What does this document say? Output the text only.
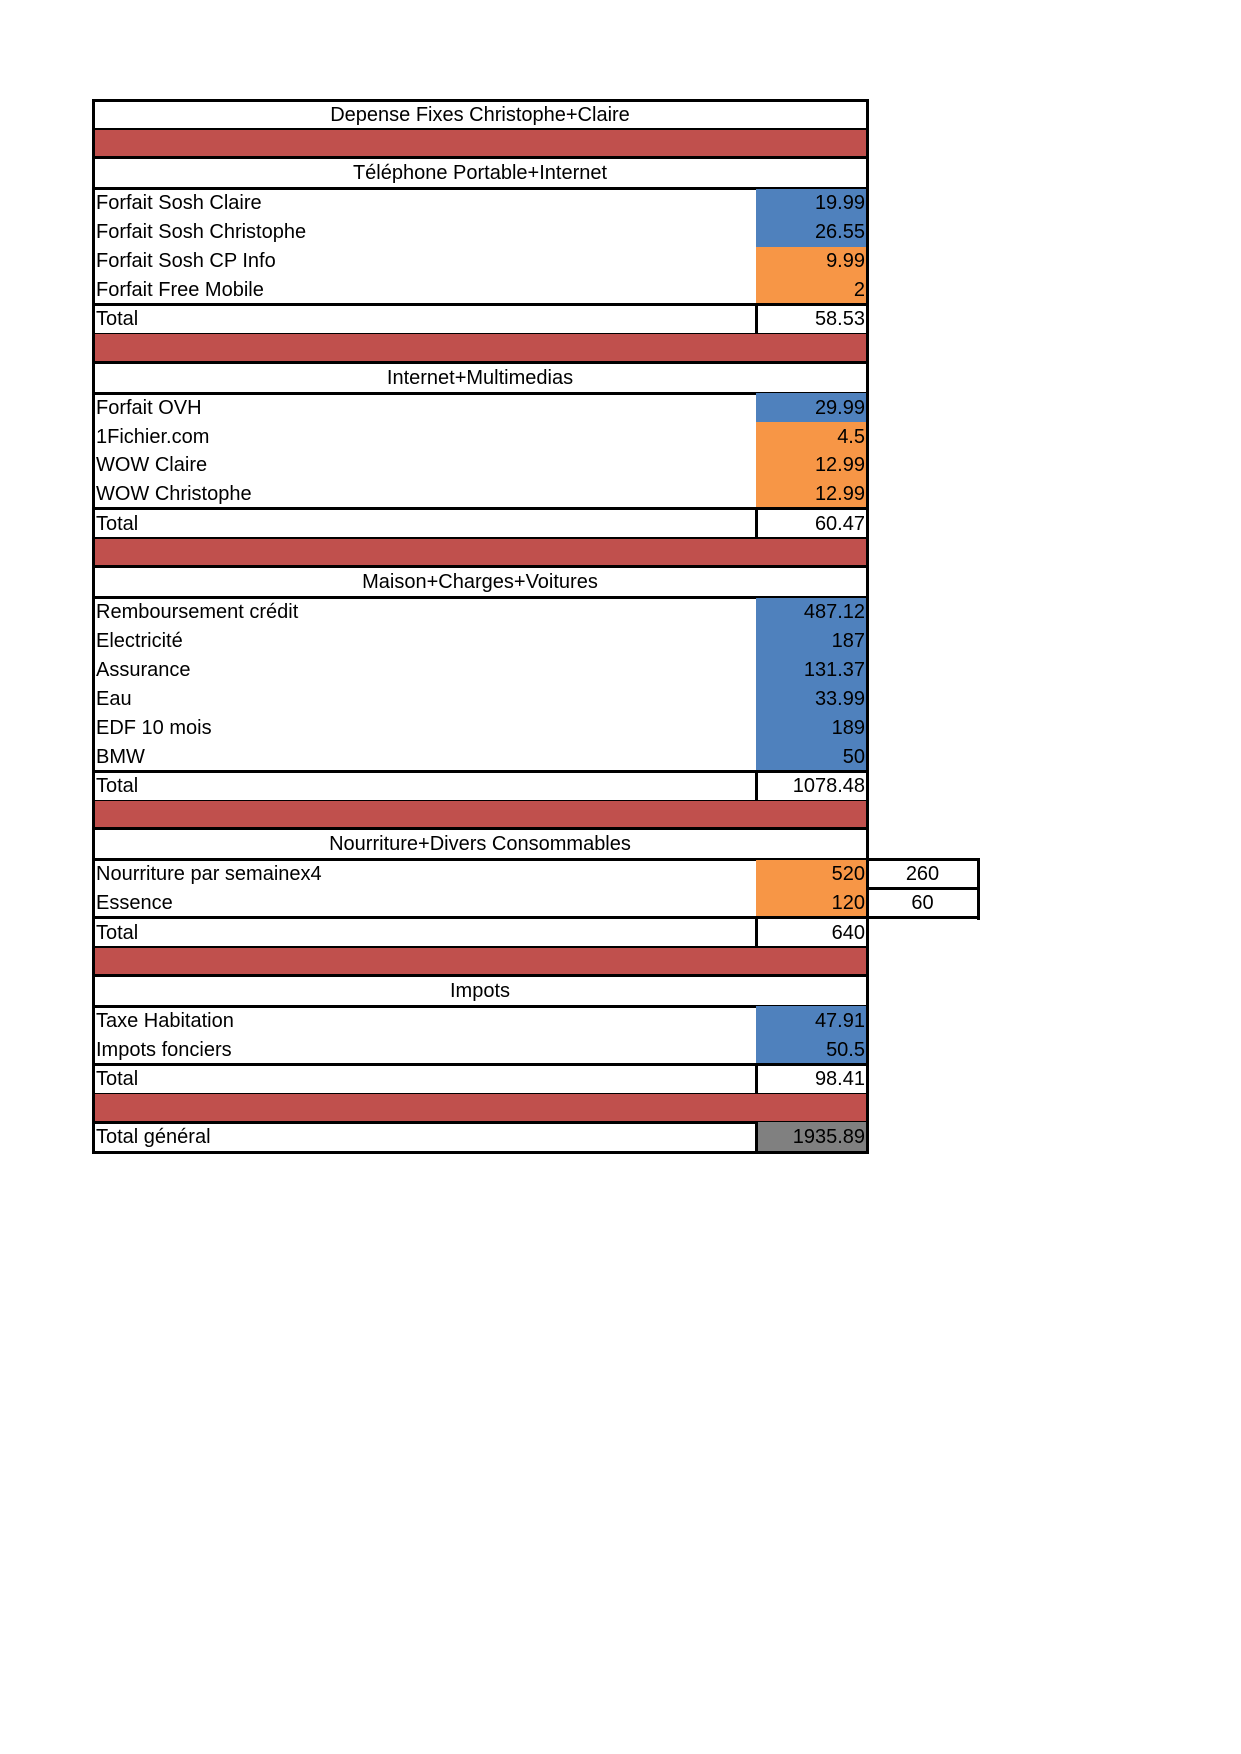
Depense Fixes Christophe+Claire
Téléphone Portable+Internet
Forfait Sosh Claire	19.99
Forfait Sosh Christophe	26.55
Forfait Sosh CP Info	9.99
Forfait Free Mobile	2
Total	58.53
Internet+Multimedias
Forfait OVH	29.99
1Fichier.com	4.5
WOW Claire	12.99
WOW Christophe	12.99
Total	60.47
Maison+Charges+Voitures
Remboursement crédit	487.12
Electricité	187
Assurance	131.37
Eau	33.99
EDF 10 mois	189
BMW	50
Total	1078.48
Nourriture+Divers Consommables
Nourriture par semainex4	520	260
Essence	120	60
Total	640
Impots
Taxe Habitation	47.91
Impots fonciers	50.5
Total	98.41
Total général	1935.89
